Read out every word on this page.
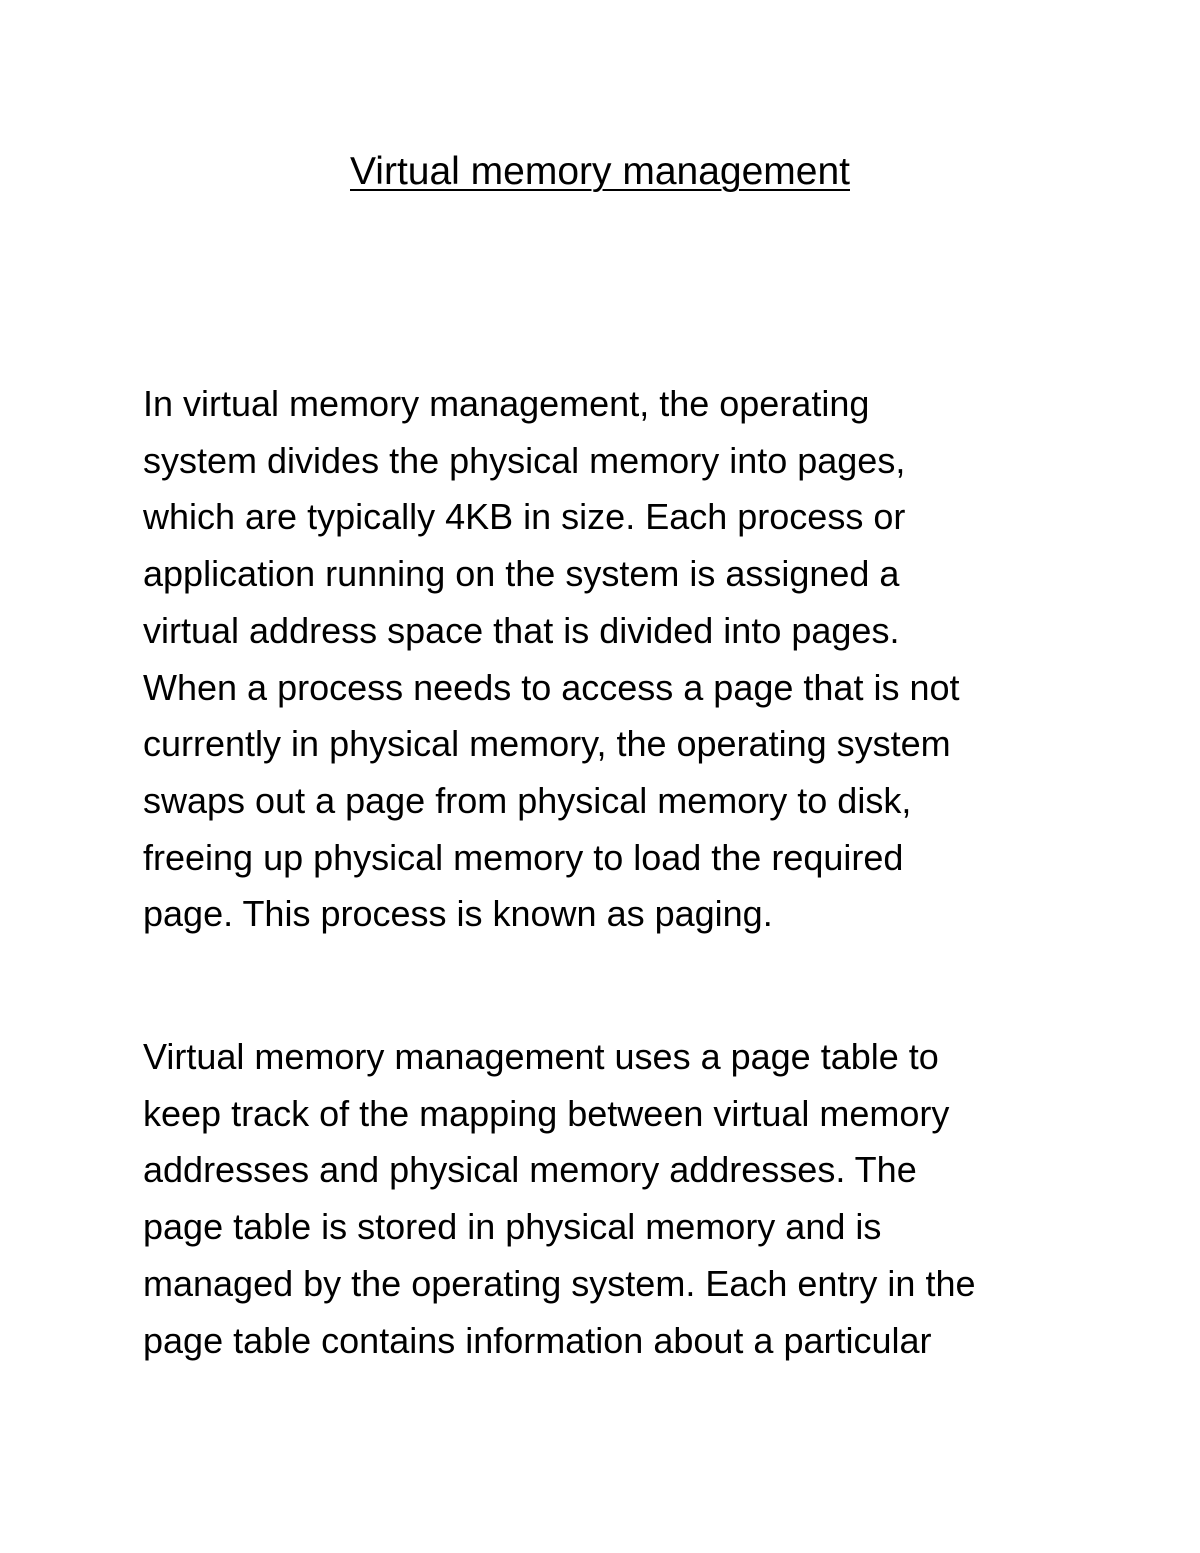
Virtual memory management

In virtual memory management, the operating
system divides the physical memory into pages,
which are typically 4KB in size. Each process or
application running on the system is assigned a
virtual address space that is divided into pages.
When a process needs to access a page that is not
currently in physical memory, the operating system
swaps out a page from physical memory to disk,
freeing up physical memory to load the required
page. This process is known as paging.

Virtual memory management uses a page table to
keep track of the mapping between virtual memory
addresses and physical memory addresses. The
page table is stored in physical memory and is
managed by the operating system. Each entry in the
page table contains information about a particular
